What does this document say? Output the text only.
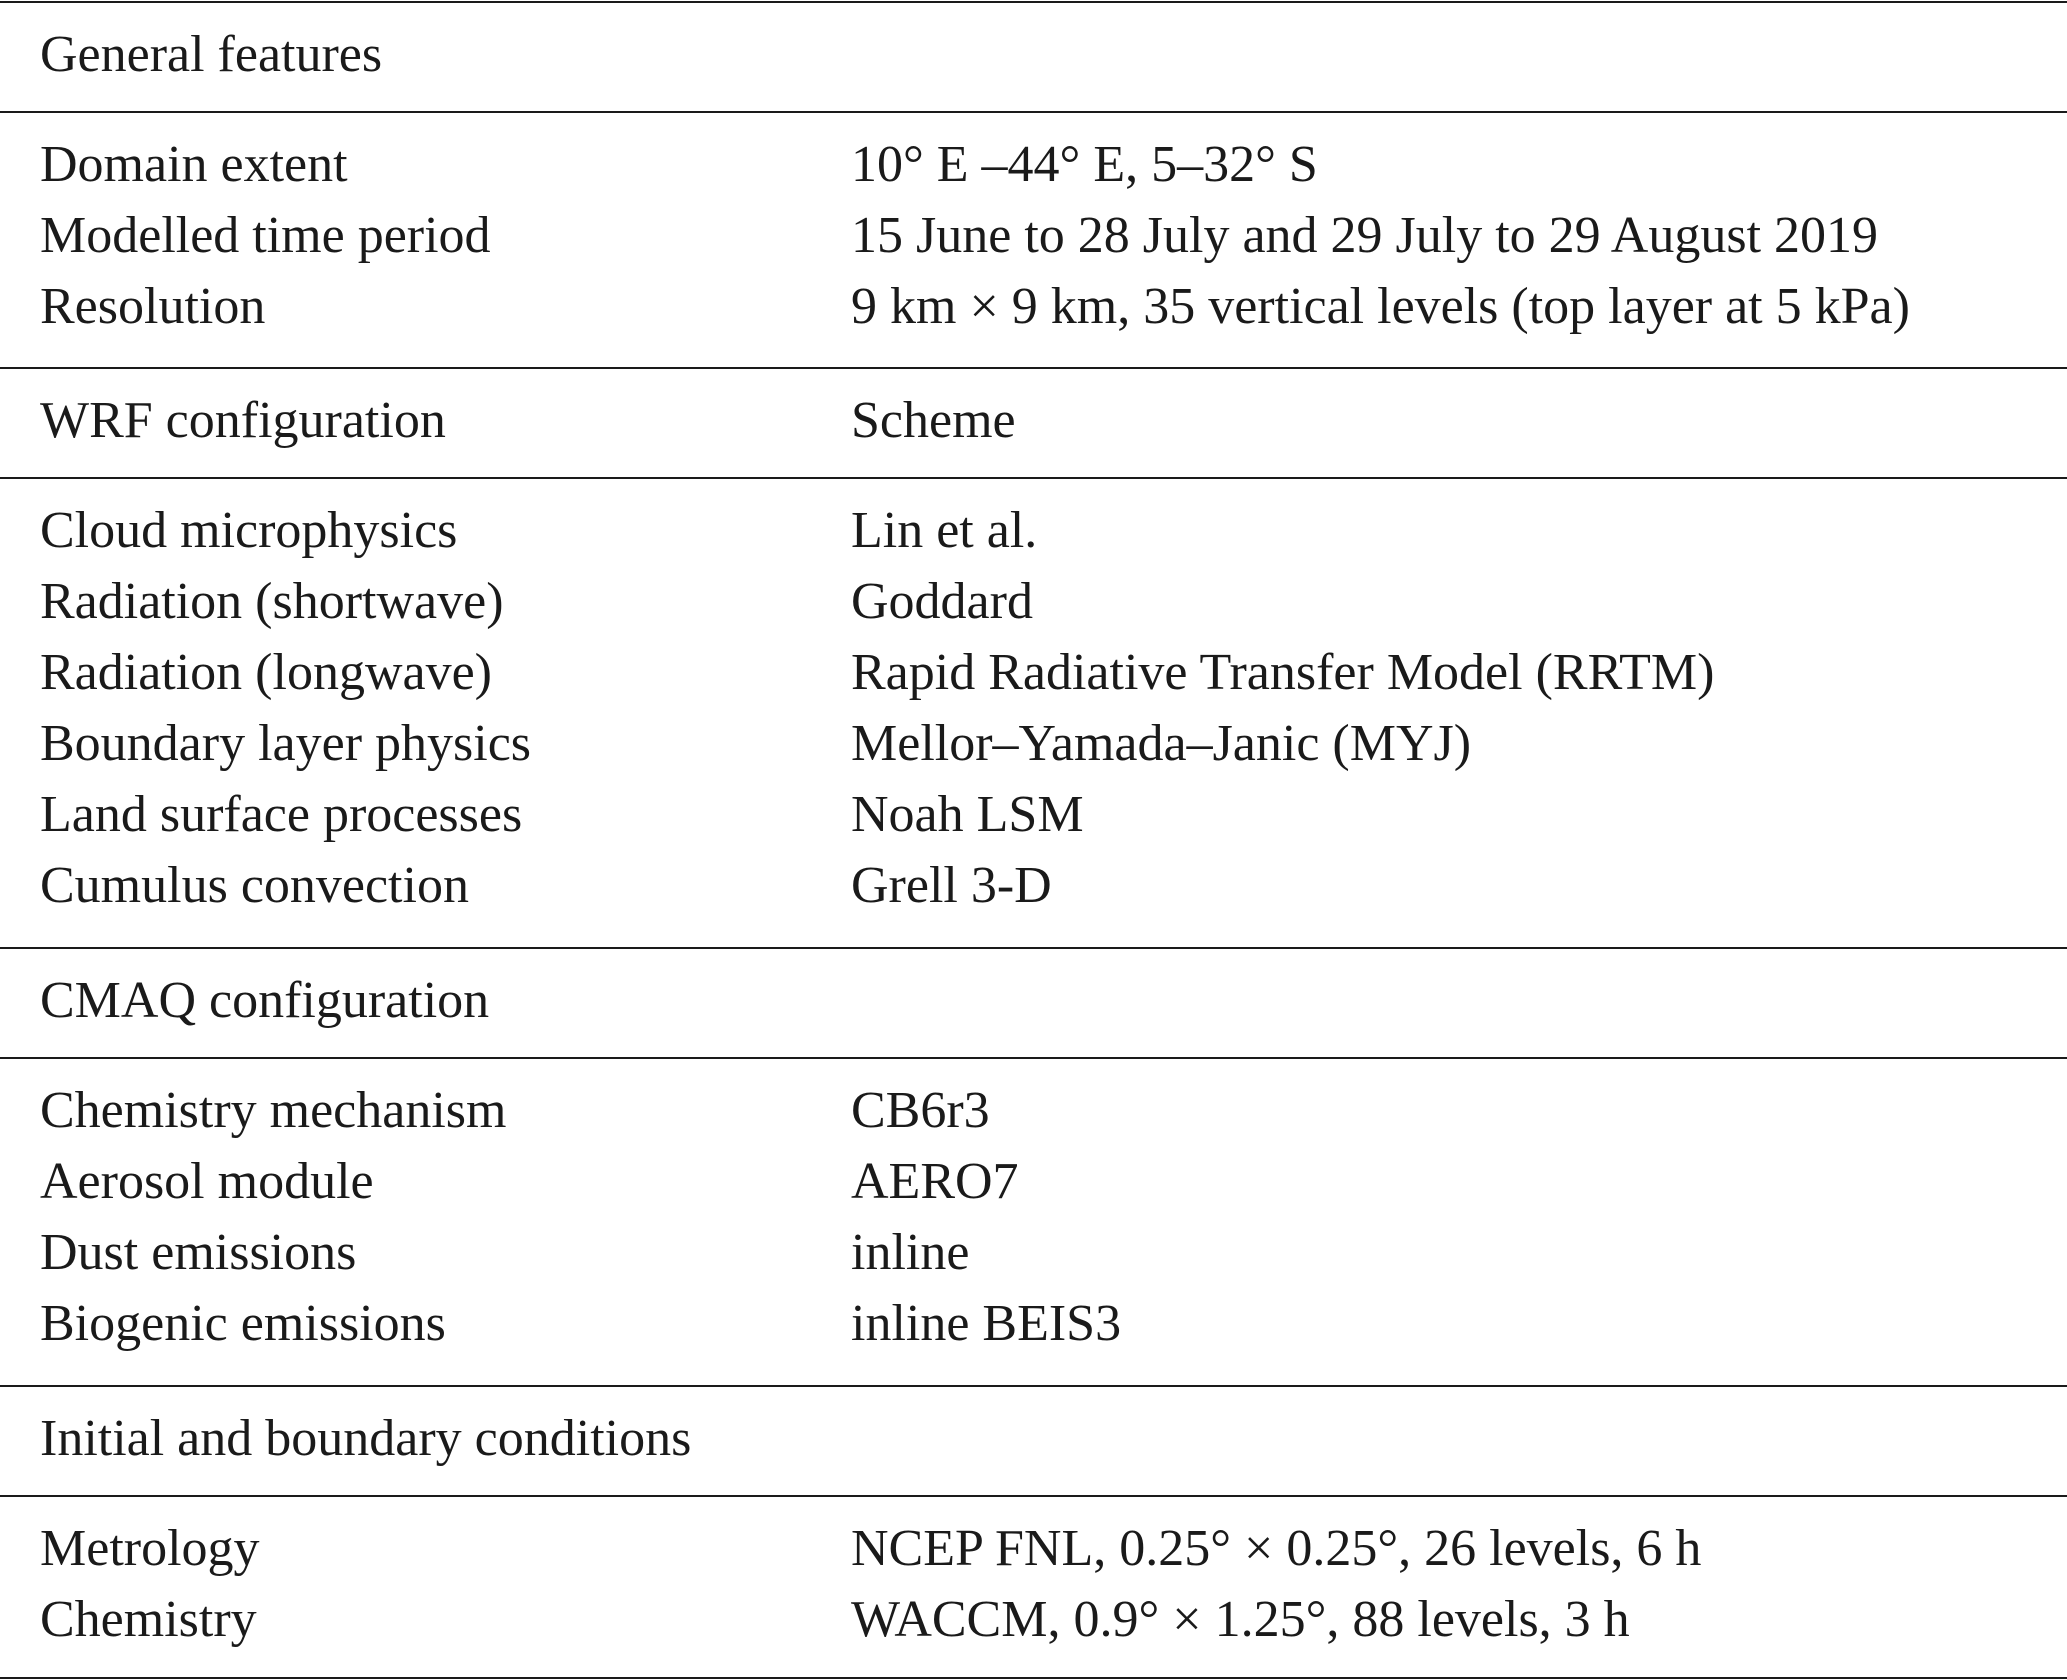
General features
Domain extent	10° E –44° E, 5–32° S
Modelled time period	15 June to 28 July and 29 July to 29 August 2019
Resolution	9 km × 9 km, 35 vertical levels (top layer at 5 kPa)
WRF configuration	Scheme
Cloud microphysics	Lin et al.
Radiation (shortwave)	Goddard
Radiation (longwave)	Rapid Radiative Transfer Model (RRTM)
Boundary layer physics	Mellor–Yamada–Janic (MYJ)
Land surface processes	Noah LSM
Cumulus convection	Grell 3-D
CMAQ configuration
Chemistry mechanism	CB6r3
Aerosol module	AERO7
Dust emissions	inline
Biogenic emissions	inline BEIS3
Initial and boundary conditions
Metrology	NCEP FNL, 0.25° × 0.25°, 26 levels, 6 h
Chemistry	WACCM, 0.9° × 1.25°, 88 levels, 3 h
